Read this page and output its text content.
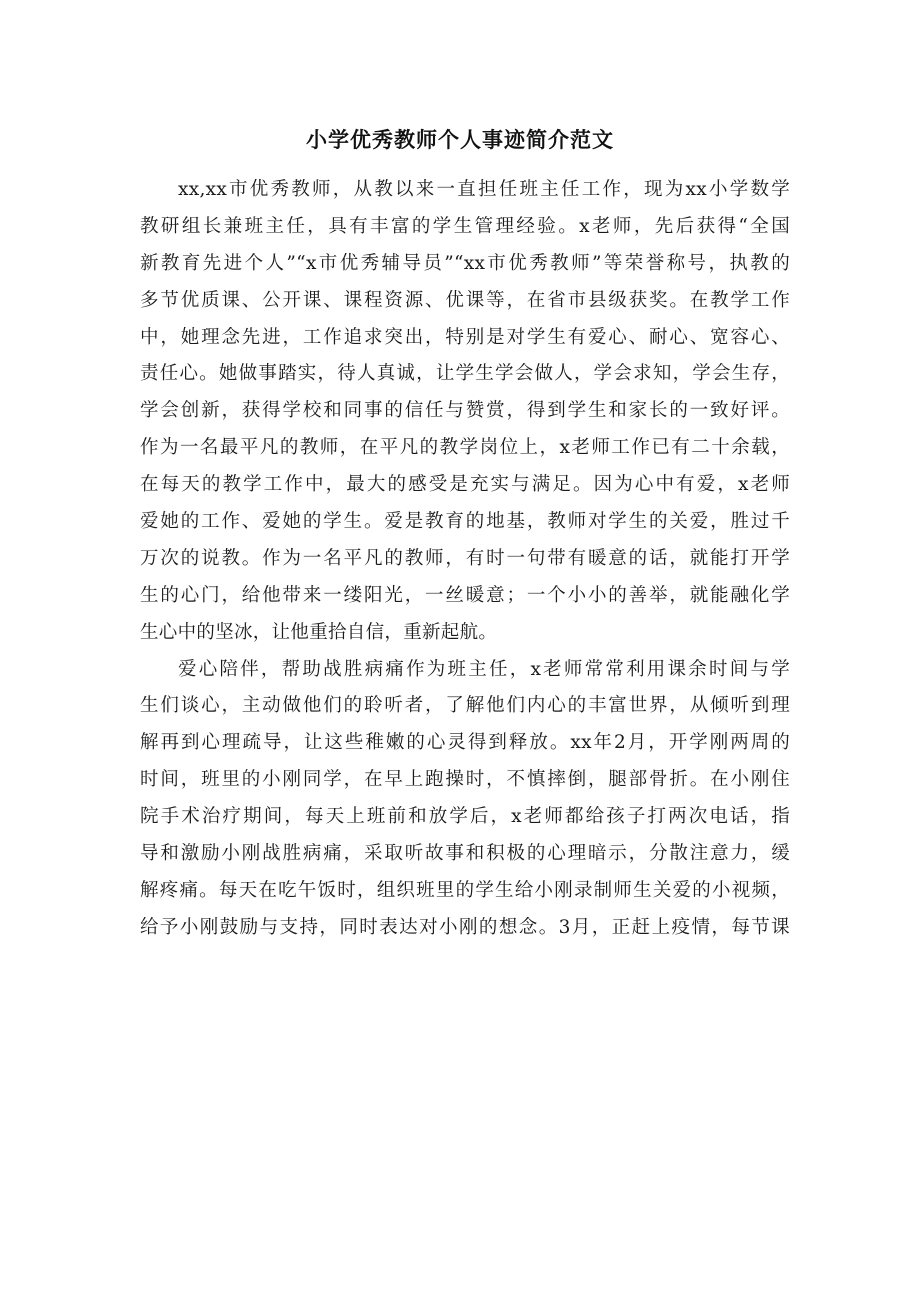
小学优秀教师个人事迹简介范文
xx,xx市优秀教师，从教以来一直担任班主任工作，现为xx小学数学
教研组长兼班主任，具有丰富的学生管理经验。x老师，先后获得“全国
新教育先进个人”“x市优秀辅导员”“xx市优秀教师”等荣誉称号，执教的
多节优质课、公开课、课程资源、优课等，在省市县级获奖。在教学工作
中，她理念先进，工作追求突出，特别是对学生有爱心、耐心、宽容心、
责任心。她做事踏实，待人真诚，让学生学会做人，学会求知，学会生存，
学会创新，获得学校和同事的信任与赞赏，得到学生和家长的一致好评。
作为一名最平凡的教师，在平凡的教学岗位上，x老师工作已有二十余载，
在每天的教学工作中，最大的感受是充实与满足。因为心中有爱，x老师
爱她的工作、爱她的学生。爱是教育的地基，教师对学生的关爱，胜过千
万次的说教。作为一名平凡的教师，有时一句带有暖意的话，就能打开学
生的心门，给他带来一缕阳光，一丝暖意；一个小小的善举，就能融化学
生心中的坚冰，让他重拾自信，重新起航。
爱心陪伴，帮助战胜病痛作为班主任，x老师常常利用课余时间与学
生们谈心，主动做他们的聆听者，了解他们内心的丰富世界，从倾听到理
解再到心理疏导，让这些稚嫩的心灵得到释放。xx年2月，开学刚两周的
时间，班里的小刚同学，在早上跑操时，不慎摔倒，腿部骨折。在小刚住
院手术治疗期间，每天上班前和放学后，x老师都给孩子打两次电话，指
导和激励小刚战胜病痛，采取听故事和积极的心理暗示，分散注意力，缓
解疼痛。每天在吃午饭时，组织班里的学生给小刚录制师生关爱的小视频，
给予小刚鼓励与支持，同时表达对小刚的想念。3月，正赶上疫情，每节课
